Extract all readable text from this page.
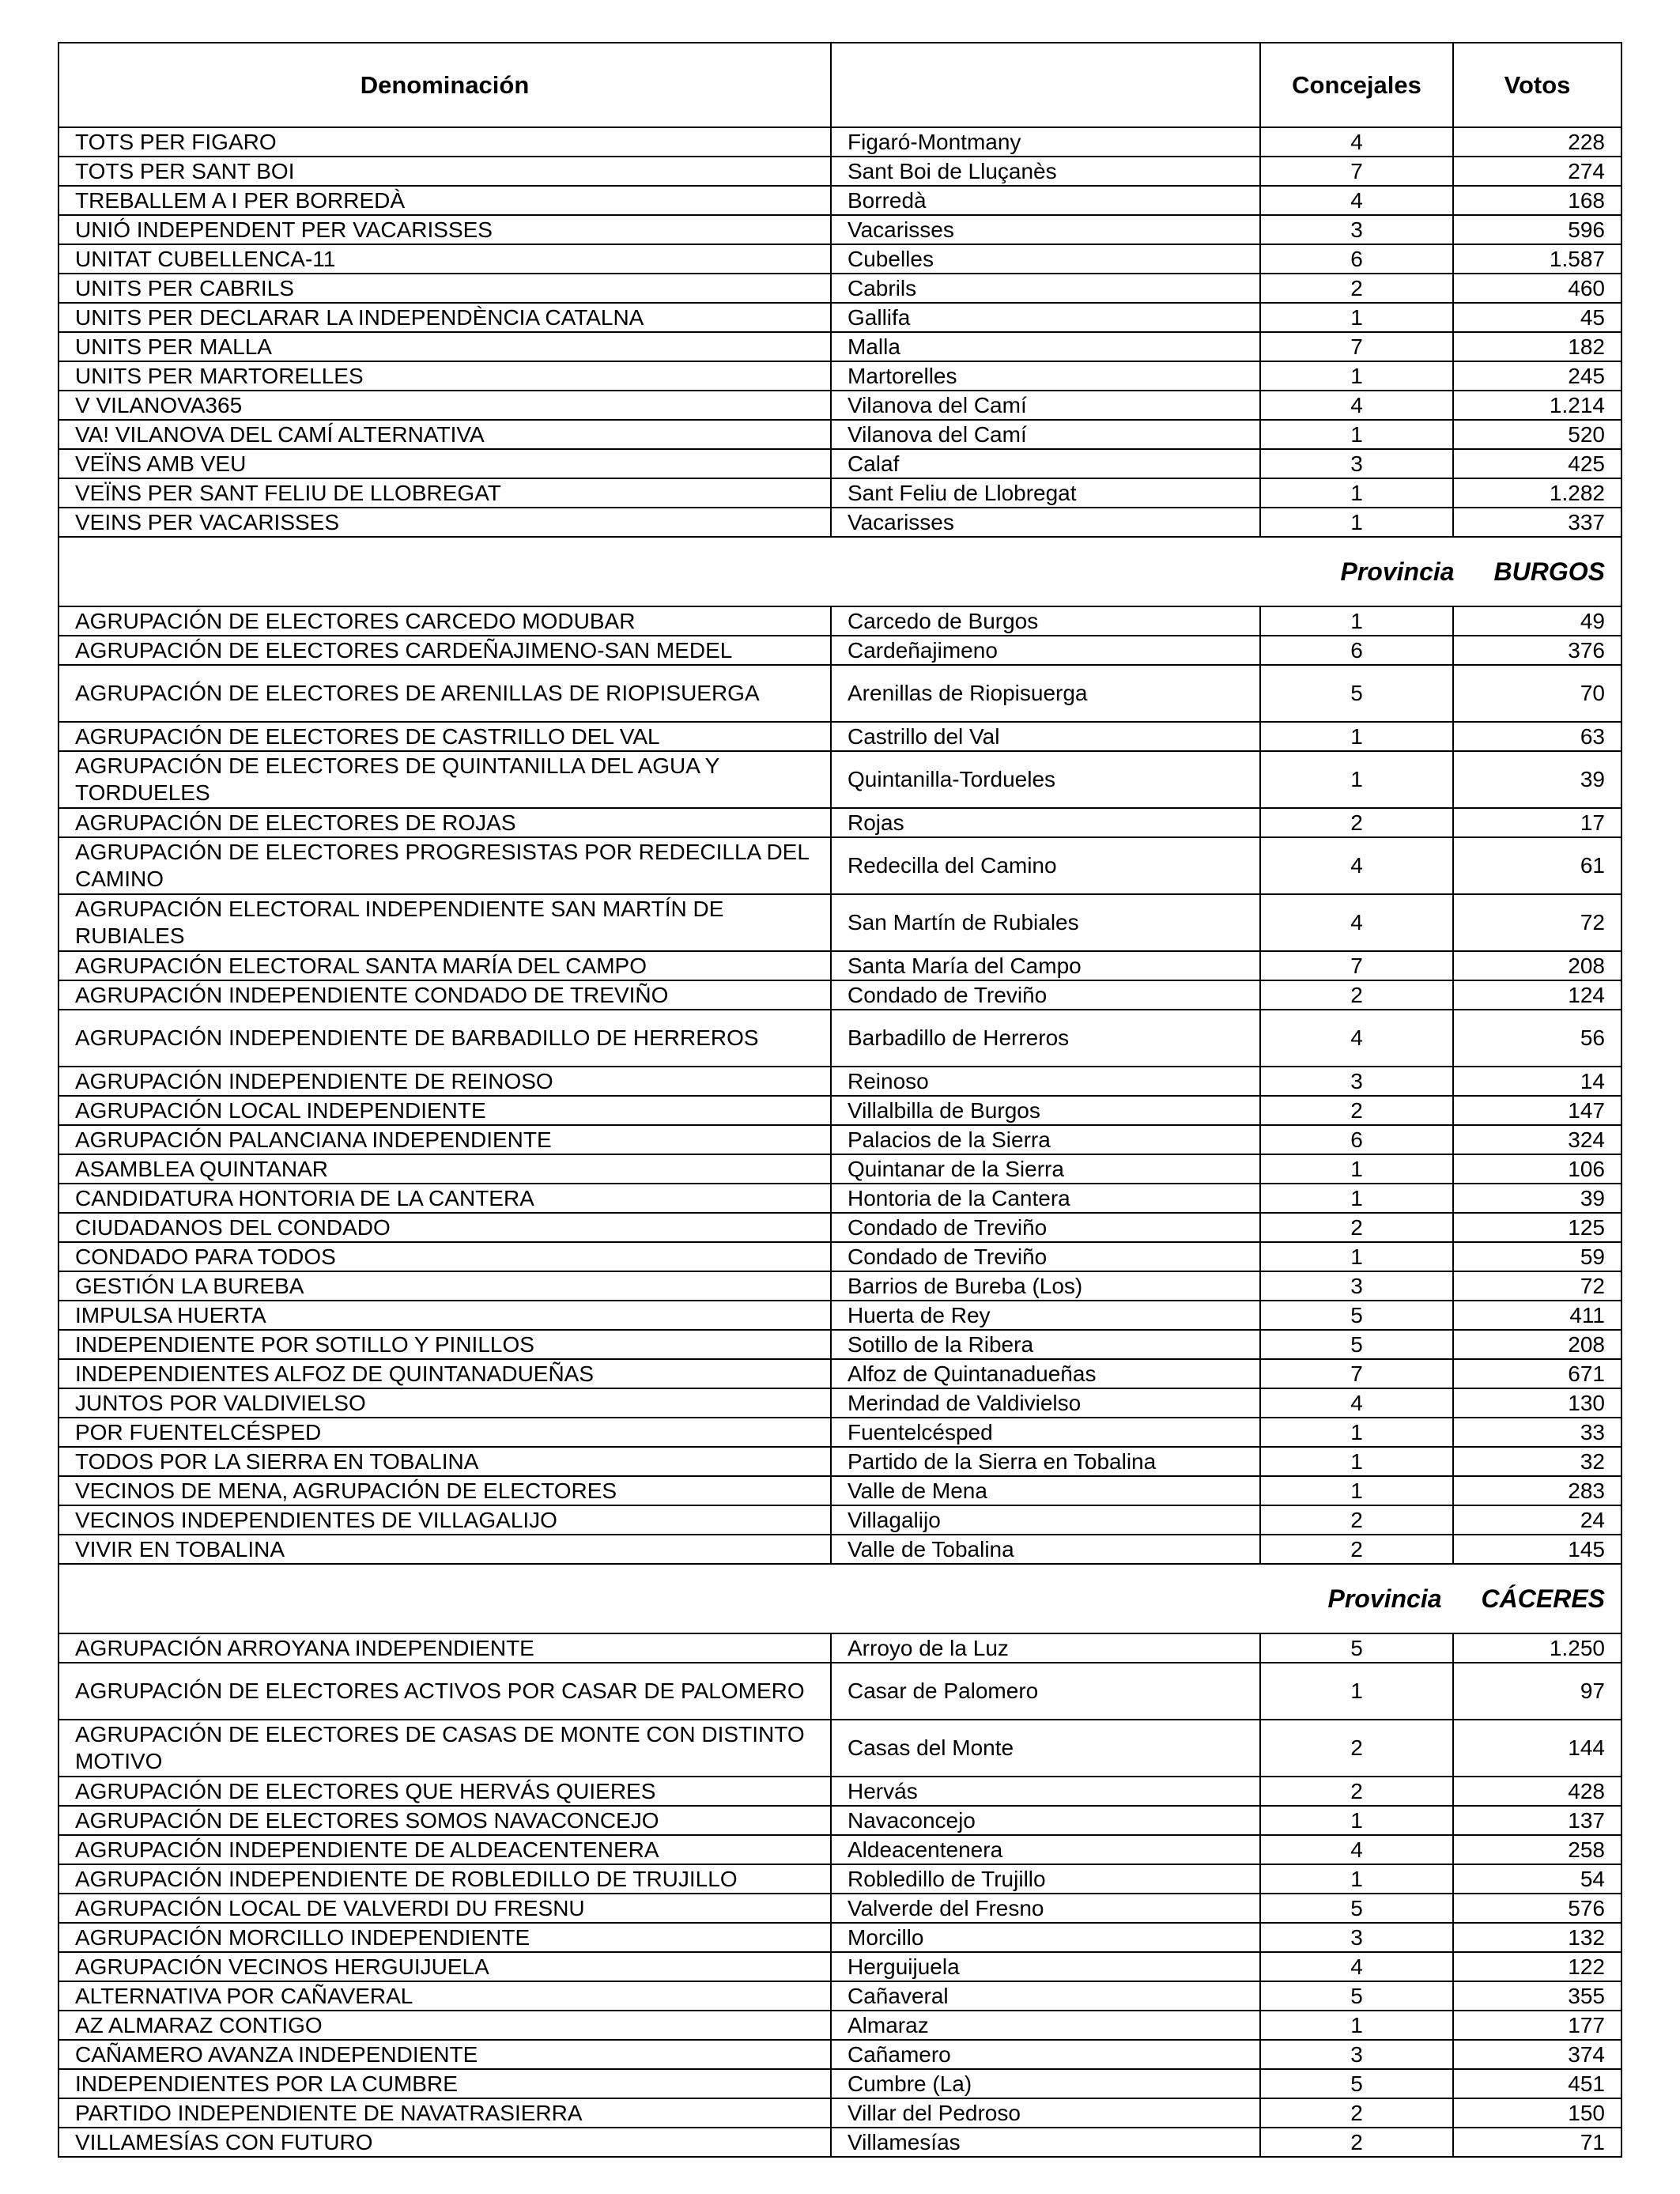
Denominación		Concejales	Votos
TOTS PER FIGARO	Figaró-Montmany	4	228
TOTS PER SANT BOI	Sant Boi de Lluçanès	7	274
TREBALLEM A I PER BORREDÀ	Borredà	4	168
UNIÓ INDEPENDENT PER VACARISSES	Vacarisses	3	596
UNITAT CUBELLENCA-11	Cubelles	6	1.587
UNITS PER CABRILS	Cabrils	2	460
UNITS PER DECLARAR LA INDEPENDÈNCIA CATALNA	Gallifa	1	45
UNITS PER MALLA	Malla	7	182
UNITS PER MARTORELLES	Martorelles	1	245
V VILANOVA365	Vilanova del Camí	4	1.214
VA! VILANOVA DEL CAMÍ ALTERNATIVA	Vilanova del Camí	1	520
VEÏNS AMB VEU	Calaf	3	425
VEÏNS PER SANT FELIU DE LLOBREGAT	Sant Feliu de Llobregat	1	1.282
VEINS PER VACARISSES	Vacarisses	1	337
Provincia BURGOS			
AGRUPACIÓN DE ELECTORES CARCEDO MODUBAR	Carcedo de Burgos	1	49
AGRUPACIÓN DE ELECTORES CARDEÑAJIMENO-SAN MEDEL	Cardeñajimeno	6	376
AGRUPACIÓN DE ELECTORES DE ARENILLAS DE RIOPISUERGA	Arenillas de Riopisuerga	5	70
AGRUPACIÓN DE ELECTORES DE CASTRILLO DEL VAL	Castrillo del Val	1	63
AGRUPACIÓN DE ELECTORES DE QUINTANILLA DEL AGUA Y TORDUELES	Quintanilla-Tordueles	1	39
AGRUPACIÓN DE ELECTORES DE ROJAS	Rojas	2	17
AGRUPACIÓN DE ELECTORES PROGRESISTAS POR REDECILLA DEL CAMINO	Redecilla del Camino	4	61
AGRUPACIÓN ELECTORAL INDEPENDIENTE SAN MARTÍN DE RUBIALES	San Martín de Rubiales	4	72
AGRUPACIÓN ELECTORAL SANTA MARÍA DEL CAMPO	Santa María del Campo	7	208
AGRUPACIÓN INDEPENDIENTE CONDADO DE TREVIÑO	Condado de Treviño	2	124
AGRUPACIÓN INDEPENDIENTE DE BARBADILLO DE HERREROS	Barbadillo de Herreros	4	56
AGRUPACIÓN INDEPENDIENTE DE REINOSO	Reinoso	3	14
AGRUPACIÓN LOCAL INDEPENDIENTE	Villalbilla de Burgos	2	147
AGRUPACIÓN PALANCIANA INDEPENDIENTE	Palacios de la Sierra	6	324
ASAMBLEA QUINTANAR	Quintanar de la Sierra	1	106
CANDIDATURA HONTORIA DE LA CANTERA	Hontoria de la Cantera	1	39
CIUDADANOS DEL CONDADO	Condado de Treviño	2	125
CONDADO PARA TODOS	Condado de Treviño	1	59
GESTIÓN LA BUREBA	Barrios de Bureba (Los)	3	72
IMPULSA HUERTA	Huerta de Rey	5	411
INDEPENDIENTE POR SOTILLO Y PINILLOS	Sotillo de la Ribera	5	208
INDEPENDIENTES ALFOZ DE QUINTANADUEÑAS	Alfoz de Quintanadueñas	7	671
JUNTOS POR VALDIVIELSO	Merindad de Valdivielso	4	130
POR FUENTELCÉSPED	Fuentelcésped	1	33
TODOS POR LA SIERRA EN TOBALINA	Partido de la Sierra en Tobalina	1	32
VECINOS DE MENA, AGRUPACIÓN DE ELECTORES	Valle de Mena	1	283
VECINOS INDEPENDIENTES DE VILLAGALIJO	Villagalijo	2	24
VIVIR EN TOBALINA	Valle de Tobalina	2	145
Provincia CÁCERES			
AGRUPACIÓN ARROYANA INDEPENDIENTE	Arroyo de la Luz	5	1.250
AGRUPACIÓN DE ELECTORES ACTIVOS POR CASAR DE PALOMERO	Casar de Palomero	1	97
AGRUPACIÓN DE ELECTORES DE CASAS DE MONTE CON DISTINTO MOTIVO	Casas del Monte	2	144
AGRUPACIÓN DE ELECTORES QUE HERVÁS QUIERES	Hervás	2	428
AGRUPACIÓN DE ELECTORES SOMOS NAVACONCEJO	Navaconcejo	1	137
AGRUPACIÓN INDEPENDIENTE DE ALDEACENTENERA	Aldeacentenera	4	258
AGRUPACIÓN INDEPENDIENTE DE ROBLEDILLO DE TRUJILLO	Robledillo de Trujillo	1	54
AGRUPACIÓN LOCAL DE VALVERDI DU FRESNU	Valverde del Fresno	5	576
AGRUPACIÓN MORCILLO INDEPENDIENTE	Morcillo	3	132
AGRUPACIÓN VECINOS HERGUIJUELA	Herguijuela	4	122
ALTERNATIVA POR CAÑAVERAL	Cañaveral	5	355
AZ ALMARAZ CONTIGO	Almaraz	1	177
CAÑAMERO AVANZA INDEPENDIENTE	Cañamero	3	374
INDEPENDIENTES POR LA CUMBRE	Cumbre (La)	5	451
PARTIDO INDEPENDIENTE DE NAVATRASIERRA	Villar del Pedroso	2	150
VILLAMESÍAS CON FUTURO	Villamesías	2	71
